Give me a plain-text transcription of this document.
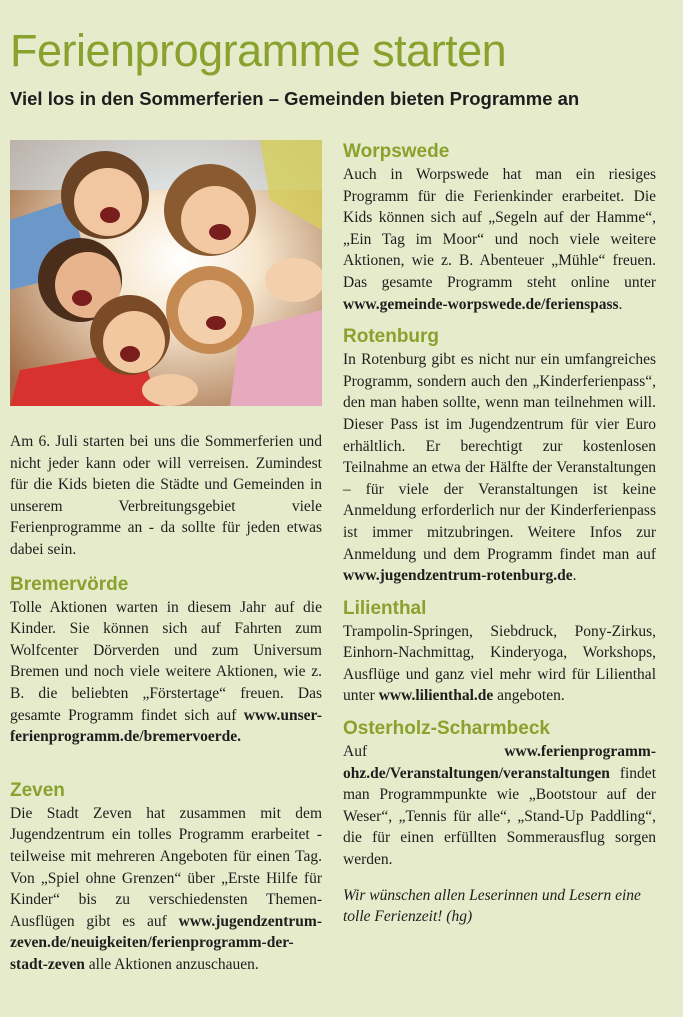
Ferienprogramme starten
Viel los in den Sommerferien – Gemeinden bieten Programme an

Am 6. Juli starten bei uns die Sommerferien und nicht jeder kann oder will verreisen. Zumindest für die Kids bieten die Städte und Gemeinden in unserem Verbreitungsgebiet viele Ferienprogramme an - da sollte für jeden etwas dabei sein.

Bremervörde

Tolle Aktionen warten in diesem Jahr auf die Kinder. Sie können sich auf Fahrten zum Wolfcenter Dörverden und zum Universum Bremen und noch viele weitere Aktionen, wie z. B. die beliebten „Förstertage“ freuen. Das gesamte Programm findet sich auf www.unser-ferienprogramm.de/bremervoerde.

Zeven

Die Stadt Zeven hat zusammen mit dem Jugendzentrum ein tolles Programm erarbeitet - teilweise mit mehreren Angeboten für einen Tag. Von „Spiel ohne Grenzen“ über „Erste Hilfe für Kinder“ bis zu verschiedensten Themen-Ausflügen gibt es auf www.jugendzentrum-zeven.de/neuigkeiten/ferienprogramm-der-stadt-zeven alle Aktionen anzuschauen.

Worpswede

Auch in Worpswede hat man ein riesiges Programm für die Ferienkinder erarbeitet. Die Kids können sich auf „Segeln auf der Hamme“, „Ein Tag im Moor“ und noch viele weitere Aktionen, wie z. B. Abenteuer „Mühle“ freuen. Das gesamte Programm steht online unter www.gemeinde-worpswede.de/ferienspass.

Rotenburg

In Rotenburg gibt es nicht nur ein umfangreiches Programm, sondern auch den „Kinderferienpass“, den man haben sollte, wenn man teilnehmen will. Dieser Pass ist im Jugendzentrum für vier Euro erhältlich. Er berechtigt zur kostenlosen Teilnahme an etwa der Hälfte der Veranstaltungen – für viele der Veranstaltungen ist keine Anmeldung erforderlich nur der Kinderferienpass ist immer mitzubringen. Weitere Infos zur Anmeldung und dem Programm findet man auf www.jugendzentrum-rotenburg.de.

Lilienthal

Trampolin-Springen, Siebdruck, Pony-Zirkus, Einhorn-Nachmittag, Kinderyoga, Workshops, Ausflüge und ganz viel mehr wird für Lilienthal unter www.lilienthal.de angeboten.

Osterholz-Scharmbeck

Auf www.ferienprogramm-ohz.de/Veranstaltungen/veranstaltungen findet man Programmpunkte wie „Bootstour auf der Weser“, „Tennis für alle“, „Stand-Up Paddling“, die für einen erfüllten Sommerausflug sorgen werden.

Wir wünschen allen Leserinnen und Lesern eine tolle Ferienzeit! (hg)
